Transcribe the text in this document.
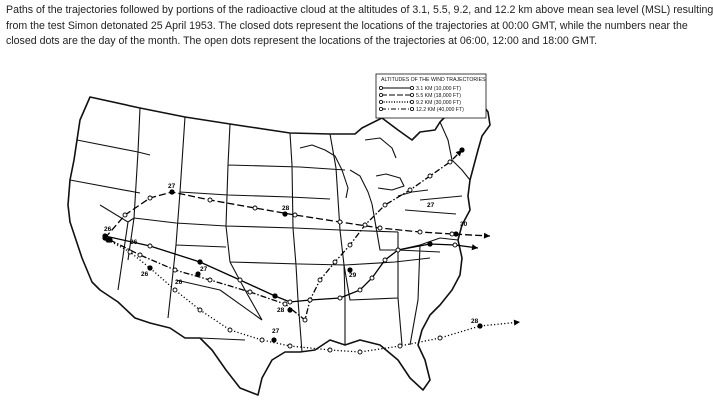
Paths of the trajectories followed by portions of the radioactive cloud at the altitudes of 3.1, 5.5, 9.2, and 12.2 km above mean sea level (MSL) resulting
from the test Simon detonated 25 April 1953. The closed dots represent the locations of the trajectories at 00:00 GMT, while the numbers near the
closed dots are the day of the month. The open dots represent the locations of the trajectories at 06:00, 12:00 and 18:00 GMT.
26
27
28
26
26
27
26
28
27
29
27
30
28
ALTITUDES OF THE WIND TRAJECTORIES
3.1 KM (10,000 FT)
5.5 KM (18,000 FT)
9.2 KM (30,000 FT)
12.2 KM (40,000 FT)
